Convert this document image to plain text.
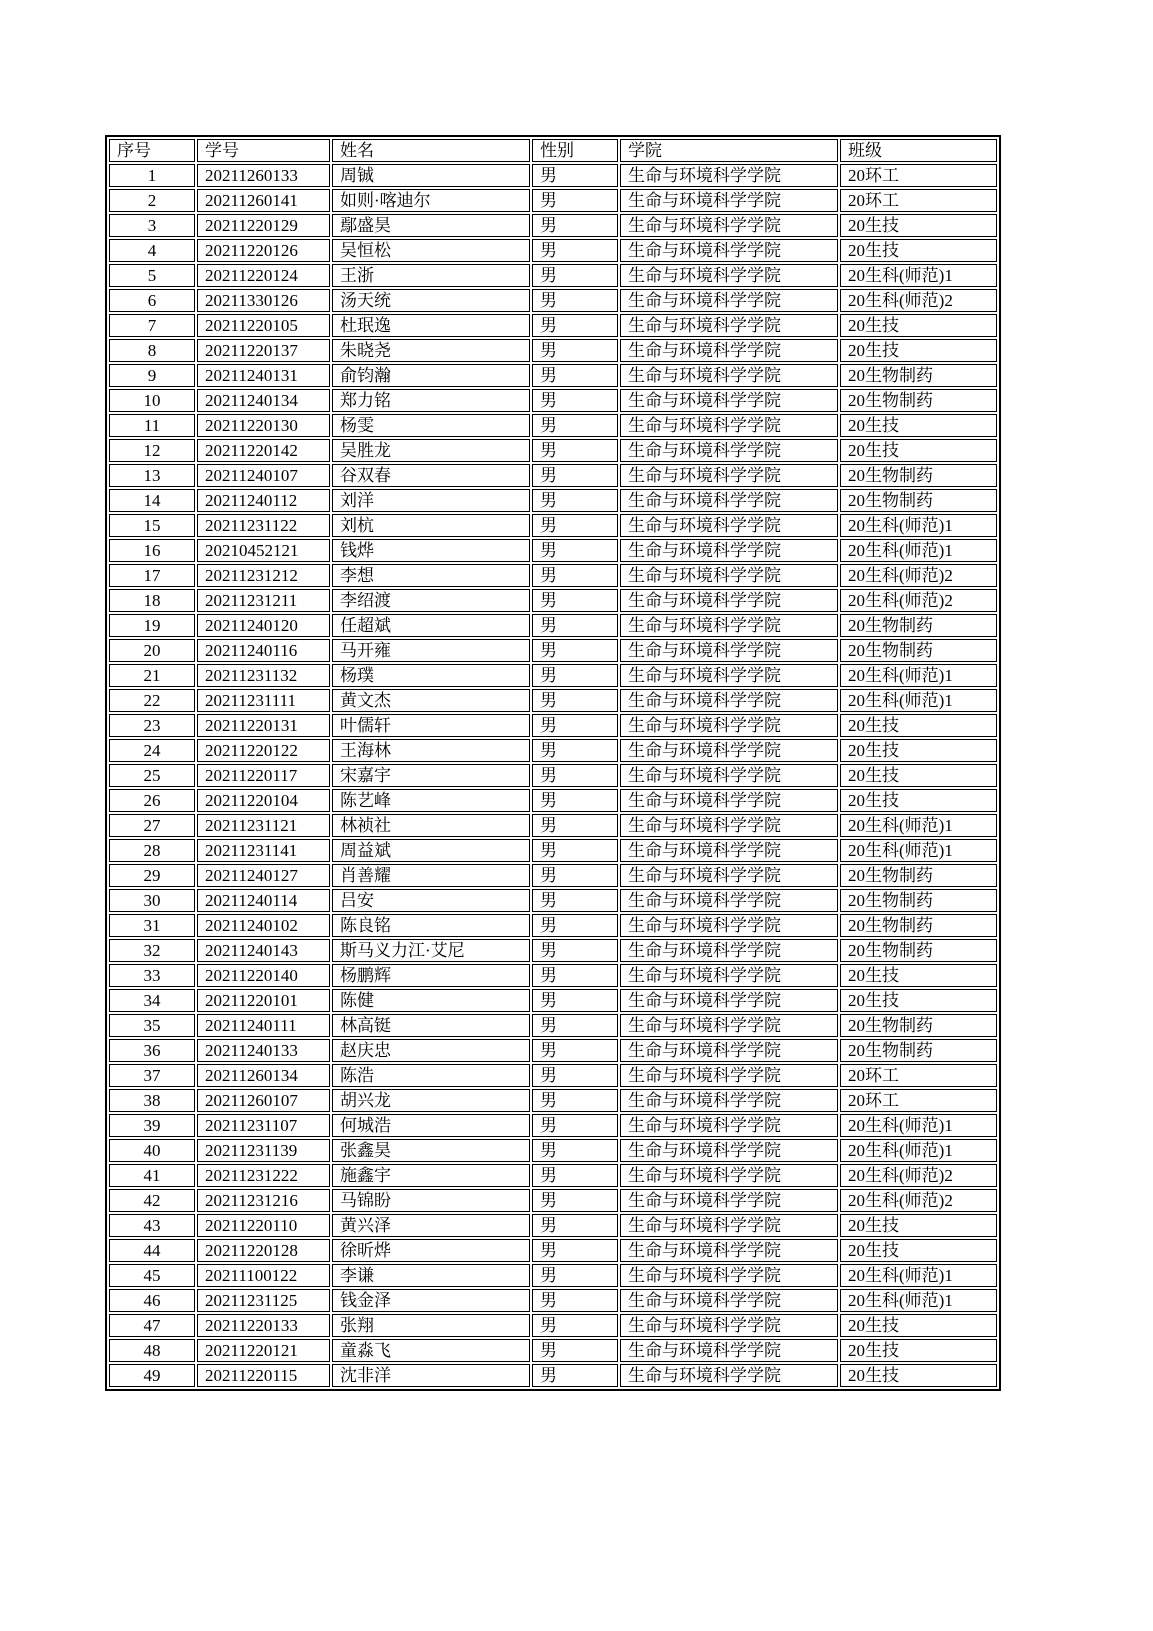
序号	学号	姓名	性别	学院	班级
1	20211260133	周铖	男	生命与环境科学学院	20环工
2	20211260141	如则·喀迪尔	男	生命与环境科学学院	20环工
3	20211220129	鄢盛昊	男	生命与环境科学学院	20生技
4	20211220126	吴恒松	男	生命与环境科学学院	20生技
5	20211220124	王浙	男	生命与环境科学学院	20生科(师范)1
6	20211330126	汤天统	男	生命与环境科学学院	20生科(师范)2
7	20211220105	杜珉逸	男	生命与环境科学学院	20生技
8	20211220137	朱晓尧	男	生命与环境科学学院	20生技
9	20211240131	俞钧瀚	男	生命与环境科学学院	20生物制药
10	20211240134	郑力铭	男	生命与环境科学学院	20生物制药
11	20211220130	杨雯	男	生命与环境科学学院	20生技
12	20211220142	吴胜龙	男	生命与环境科学学院	20生技
13	20211240107	谷双春	男	生命与环境科学学院	20生物制药
14	20211240112	刘洋	男	生命与环境科学学院	20生物制药
15	20211231122	刘杭	男	生命与环境科学学院	20生科(师范)1
16	20210452121	钱烨	男	生命与环境科学学院	20生科(师范)1
17	20211231212	李想	男	生命与环境科学学院	20生科(师范)2
18	20211231211	李绍渡	男	生命与环境科学学院	20生科(师范)2
19	20211240120	任超斌	男	生命与环境科学学院	20生物制药
20	20211240116	马开雍	男	生命与环境科学学院	20生物制药
21	20211231132	杨璞	男	生命与环境科学学院	20生科(师范)1
22	20211231111	黄文杰	男	生命与环境科学学院	20生科(师范)1
23	20211220131	叶儒轩	男	生命与环境科学学院	20生技
24	20211220122	王海林	男	生命与环境科学学院	20生技
25	20211220117	宋嘉宇	男	生命与环境科学学院	20生技
26	20211220104	陈艺峰	男	生命与环境科学学院	20生技
27	20211231121	林祯社	男	生命与环境科学学院	20生科(师范)1
28	20211231141	周益斌	男	生命与环境科学学院	20生科(师范)1
29	20211240127	肖善耀	男	生命与环境科学学院	20生物制药
30	20211240114	吕安	男	生命与环境科学学院	20生物制药
31	20211240102	陈良铭	男	生命与环境科学学院	20生物制药
32	20211240143	斯马义力江·艾尼	男	生命与环境科学学院	20生物制药
33	20211220140	杨鹏辉	男	生命与环境科学学院	20生技
34	20211220101	陈健	男	生命与环境科学学院	20生技
35	20211240111	林高铤	男	生命与环境科学学院	20生物制药
36	20211240133	赵庆忠	男	生命与环境科学学院	20生物制药
37	20211260134	陈浩	男	生命与环境科学学院	20环工
38	20211260107	胡兴龙	男	生命与环境科学学院	20环工
39	20211231107	何城浩	男	生命与环境科学学院	20生科(师范)1
40	20211231139	张鑫昊	男	生命与环境科学学院	20生科(师范)1
41	20211231222	施鑫宇	男	生命与环境科学学院	20生科(师范)2
42	20211231216	马锦盼	男	生命与环境科学学院	20生科(师范)2
43	20211220110	黄兴泽	男	生命与环境科学学院	20生技
44	20211220128	徐昕烨	男	生命与环境科学学院	20生技
45	20211100122	李谦	男	生命与环境科学学院	20生科(师范)1
46	20211231125	钱金泽	男	生命与环境科学学院	20生科(师范)1
47	20211220133	张翔	男	生命与环境科学学院	20生技
48	20211220121	童淼飞	男	生命与环境科学学院	20生技
49	20211220115	沈非洋	男	生命与环境科学学院	20生技
